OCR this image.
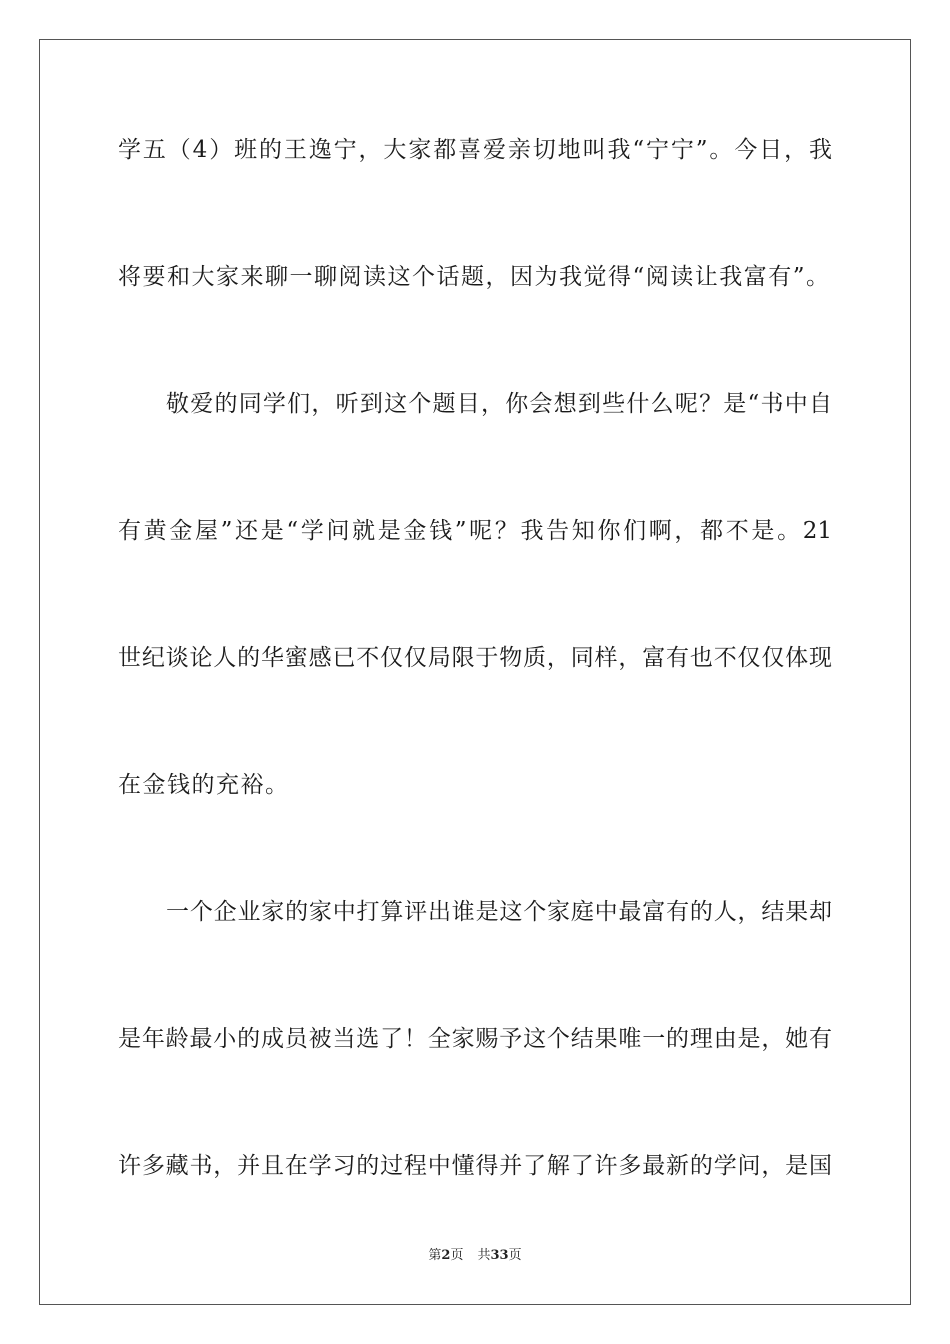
学五（4）班的王逸宁，大家都喜爱亲切地叫我“宁宁”。今日，我
将要和大家来聊一聊阅读这个话题，因为我觉得“阅读让我富有”。
敬爱的同学们，听到这个题目，你会想到些什么呢？是“书中自
有黄金屋”还是“学问就是金钱”呢？我告知你们啊，都不是。21
世纪谈论人的华蜜感已不仅仅局限于物质，同样，富有也不仅仅体现
在金钱的充裕。
一个企业家的家中打算评出谁是这个家庭中最富有的人，结果却
是年龄最小的成员被当选了！全家赐予这个结果唯一的理由是，她有
许多藏书，并且在学习的过程中懂得并了解了许多最新的学问，是国
第2页 共33页
